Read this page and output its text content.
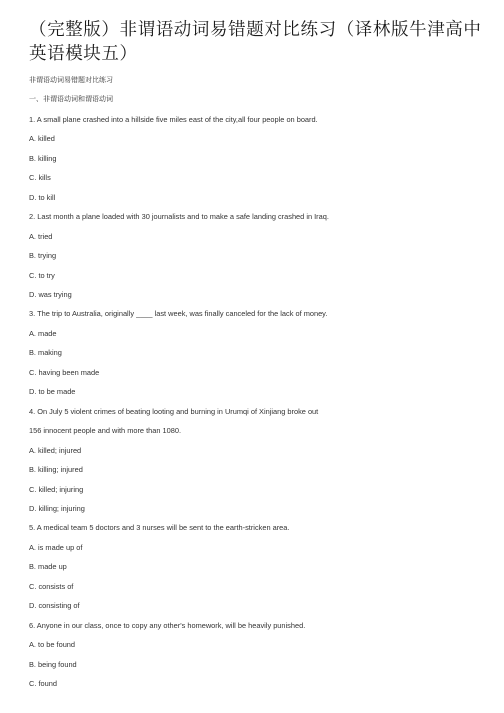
（完整版）非谓语动词易错题对比练习（译林版牛津高中
英语模块五）
非谓语动词易错题对比练习
一、非谓语动词和谓语动词
1. A small plane crashed into a hillside five miles east of the city,all four people on board.
A. killed
B. killing
C. kills
D. to kill
2. Last month a plane loaded with 30 journalists and to make a safe landing crashed in Iraq.
A. tried
B. trying
C. to try
D. was trying
3. The trip to Australia, originally ____ last week, was finally canceled for the lack of money.
A. made
B. making
C. having been made
D. to be made
4. On July 5 violent crimes of beating looting and burning in Urumqi of Xinjiang broke out
156 innocent people and with more than 1080.
A. killed; injured
B. killing; injured
C. killed; injuring
D. killing; injuring
5. A medical team 5 doctors and 3 nurses will be sent to the earth-stricken area.
A. is made up of
B. made up
C. consists of
D. consisting of
6. Anyone in our class, once to copy any other's homework, will be heavily punished.
A. to be found
B. being found
C. found
